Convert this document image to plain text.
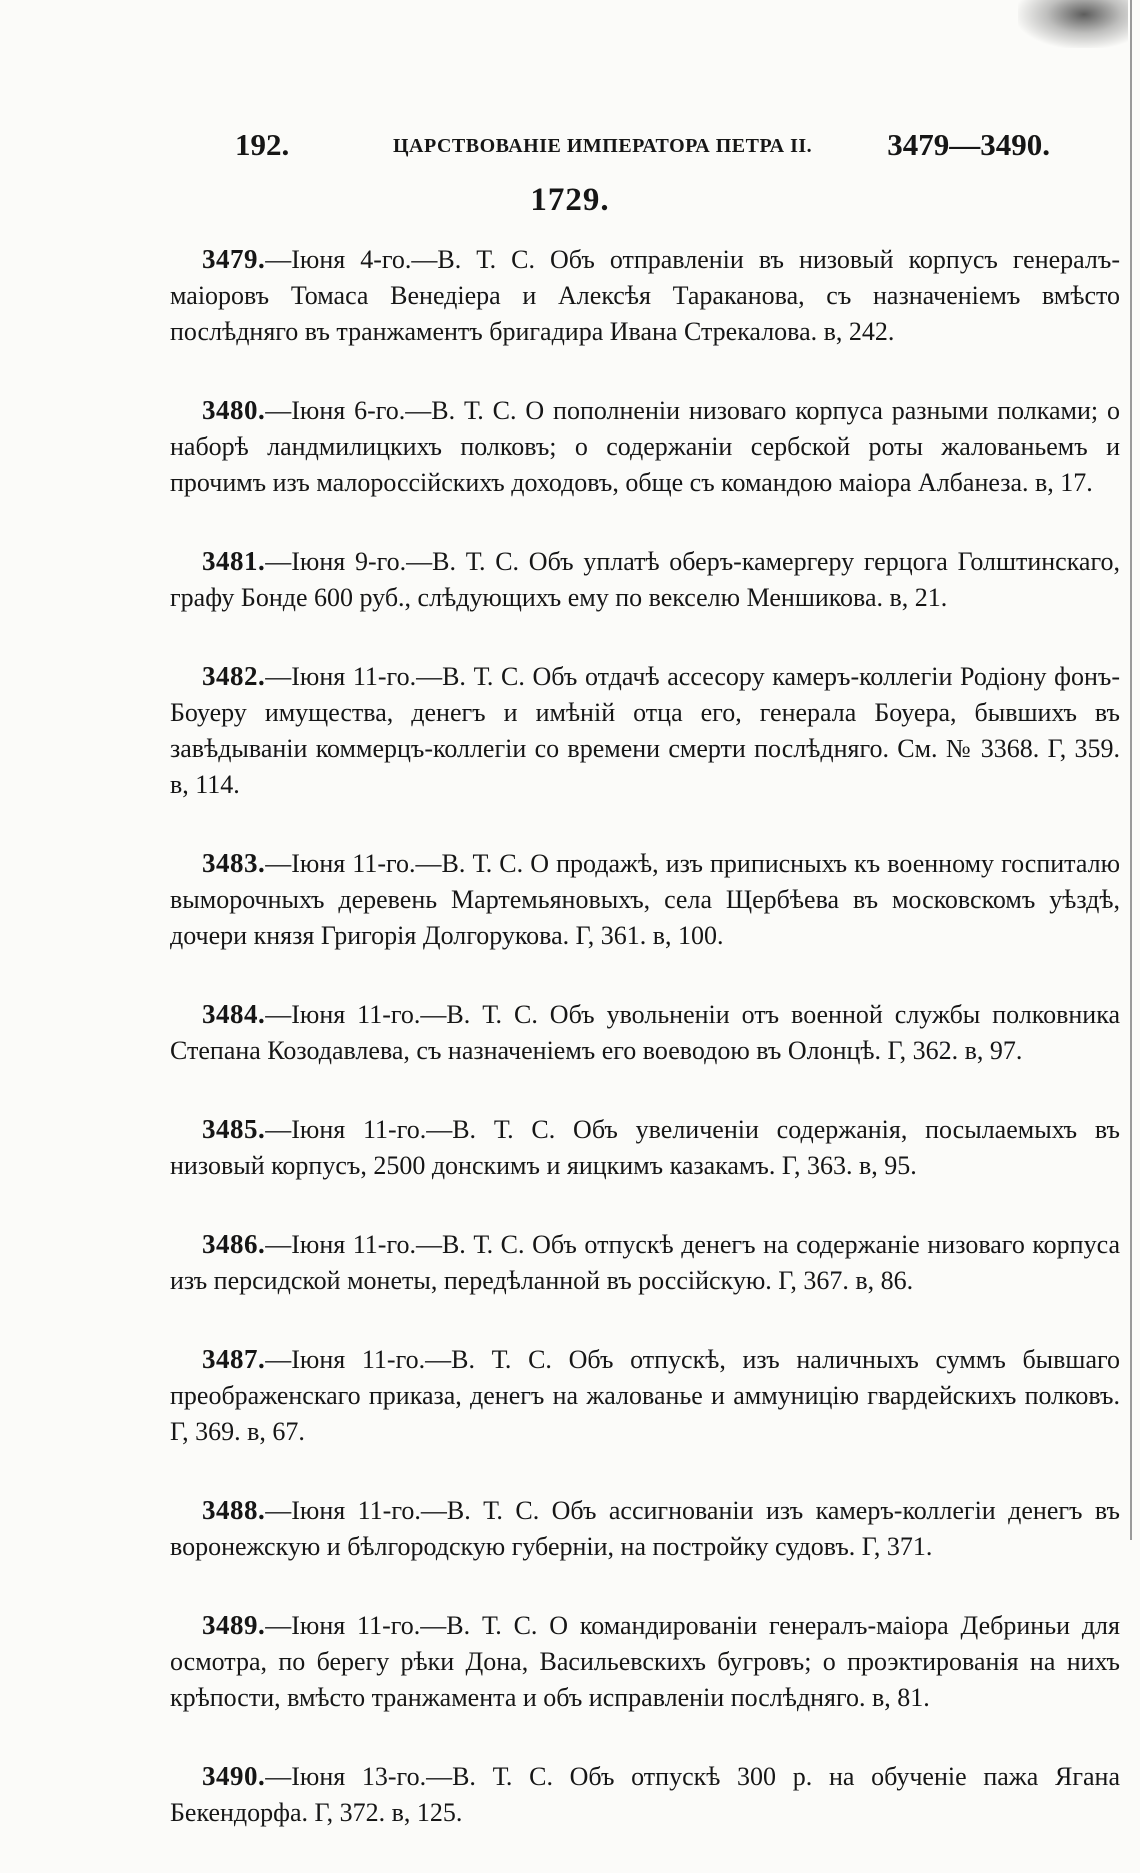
192.	ЦАРСТВОВАНІЕ ИМПЕРАТОРА ПЕТРА II. 3479—3490.
1729.

3479.—Іюня 4-го.—В. Т. С. Объ отправленіи въ низовый корпусъ генералъ-маіоровъ Томаса Венедіера и Алексѣя Тараканова, съ назначеніемъ вмѣсто послѣдняго въ транжаментъ бригадира Ивана Стрекалова. в, 242.

3480.—Іюня 6-го.—В. Т. С. О пополненіи низоваго корпуса разными полками; о наборѣ ландмилицкихъ полковъ; о содержаніи сербской роты жалованьемъ и прочимъ изъ малороссійскихъ доходовъ, обще съ командою маіора Албанеза. в, 17.

3481.—Іюня 9-го.—В. Т. С. Объ уплатѣ оберъ-камергеру герцога Голштинскаго, графу Бонде 600 руб., слѣдующихъ ему по векселю Меншикова. в, 21.

3482.—Іюня 11-го.—В. Т. С. Объ отдачѣ ассесору камеръ-коллегіи Родіону фонъ-Боуеру имущества, денегъ и имѣній отца его, генерала Боуера, бывшихъ въ завѣдываніи коммерцъ-коллегіи со времени смерти послѣдняго. См. № 3368. Г, 359. в, 114.

3483.—Іюня 11-го.—В. Т. С. О продажѣ, изъ приписныхъ къ военному госпиталю выморочныхъ деревень Мартемьяновыхъ, села Щербѣева въ московскомъ уѣздѣ, дочери князя Григорія Долгорукова. Г, 361. в, 100.

3484.—Іюня 11-го.—В. Т. С. Объ увольненіи отъ военной службы полковника Степана Козодавлева, съ назначеніемъ его воеводою въ Олонцѣ. Г, 362. в, 97.

3485.—Іюня 11-го.—В. Т. С. Объ увеличеніи содержанія, посылаемыхъ въ низовый корпусъ, 2500 донскимъ и яицкимъ казакамъ. Г, 363. в, 95.

3486.—Іюня 11-го.—В. Т. С. Объ отпускѣ денегъ на содержаніе низоваго корпуса изъ персидской монеты, передѣланной въ россійскую. Г, 367. в, 86.

3487.—Іюня 11-го.—В. Т. С. Объ отпускѣ, изъ наличныхъ суммъ бывшаго преображенскаго приказа, денегъ на жалованье и аммуницію гвардейскихъ полковъ. Г, 369. в, 67.

3488.—Іюня 11-го.—В. Т. С. Объ ассигнованіи изъ камеръ-коллегіи денегъ въ воронежскую и бѣлгородскую губерніи, на постройку судовъ. Г, 371.

3489.—Іюня 11-го.—В. Т. С. О командированіи генералъ-маіора Дебриньи для осмотра, по берегу рѣки Дона, Васильевскихъ бугровъ; о проэктированія на нихъ крѣпости, вмѣсто транжамента и объ исправленіи послѣдняго. в, 81.

3490.—Іюня 13-го.—В. Т. С. Объ отпускѣ 300 р. на обученіе пажа Ягана Бекендорфа. Г, 372. в, 125.
